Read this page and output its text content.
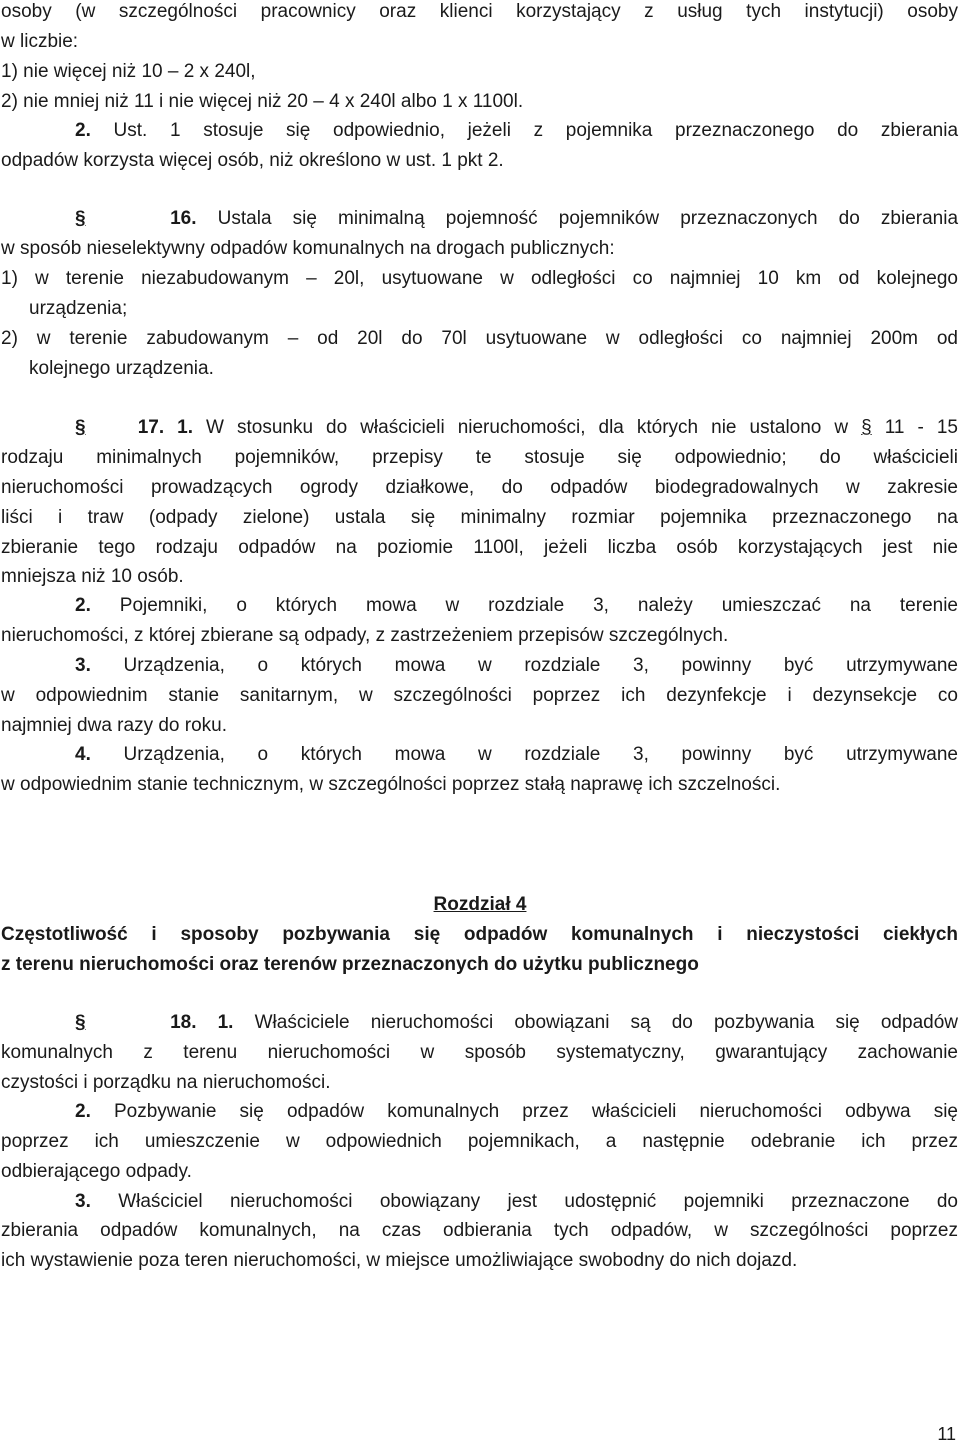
osoby (w szczególności pracownicy oraz klienci korzystający z usług tych instytucji) osoby
w liczbie:
1) nie więcej niż 10 – 2 x 240l,
2) nie mniej niż 11 i nie więcej niż 20 – 4 x 240l albo 1 x 1100l.
2. Ust. 1 stosuje się odpowiednio, jeżeli z pojemnika przeznaczonego do zbierania
odpadów korzysta więcej osób, niż określono w ust. 1 pkt 2.
§	16. Ustala się minimalną pojemność pojemników przeznaczonych do zbierania
w sposób nieselektywny odpadów komunalnych na drogach publicznych:
1) w terenie niezabudowanym – 20l, usytuowane w odległości co najmniej 10 km od kolejnego
urządzenia;
2) w terenie zabudowanym – od 20l do 70l usytuowane w odległości co najmniej 200m od
kolejnego urządzenia.
§	17. 1. W stosunku do właścicieli nieruchomości, dla których nie ustalono w § 11 - 15
rodzaju minimalnych pojemników, przepisy te stosuje się odpowiednio; do właścicieli
nieruchomości prowadzących ogrody działkowe, do odpadów biodegradowalnych w zakresie
liści i traw (odpady zielone) ustala się minimalny rozmiar pojemnika przeznaczonego na
zbieranie tego rodzaju odpadów na poziomie 1100l, jeżeli liczba osób korzystających jest nie
mniejsza niż 10 osób.
2. Pojemniki, o których mowa w rozdziale 3, należy umieszczać na terenie
nieruchomości, z której zbierane są odpady, z zastrzeżeniem przepisów szczególnych.
3. Urządzenia, o których mowa w rozdziale 3, powinny być utrzymywane
w odpowiednim stanie sanitarnym, w szczególności poprzez ich dezynfekcje i dezynsekcje co
najmniej dwa razy do roku.
4. Urządzenia, o których mowa w rozdziale 3, powinny być utrzymywane
w odpowiednim stanie technicznym, w szczególności poprzez stałą naprawę ich szczelności.
Rozdział 4
Częstotliwość i sposoby pozbywania się odpadów komunalnych i nieczystości ciekłych
z terenu nieruchomości oraz terenów przeznaczonych do użytku publicznego
§	18. 1. Właściciele nieruchomości obowiązani są do pozbywania się odpadów
komunalnych z terenu nieruchomości w sposób systematyczny, gwarantujący zachowanie
czystości i porządku na nieruchomości.
2. Pozbywanie się odpadów komunalnych przez właścicieli nieruchomości odbywa się
poprzez ich umieszczenie w odpowiednich pojemnikach, a następnie odebranie ich przez
odbierającego odpady.
3. Właściciel nieruchomości obowiązany jest udostępnić pojemniki przeznaczone do
zbierania odpadów komunalnych, na czas odbierania tych odpadów, w szczególności poprzez
ich wystawienie poza teren nieruchomości, w miejsce umożliwiające swobodny do nich dojazd.
11
